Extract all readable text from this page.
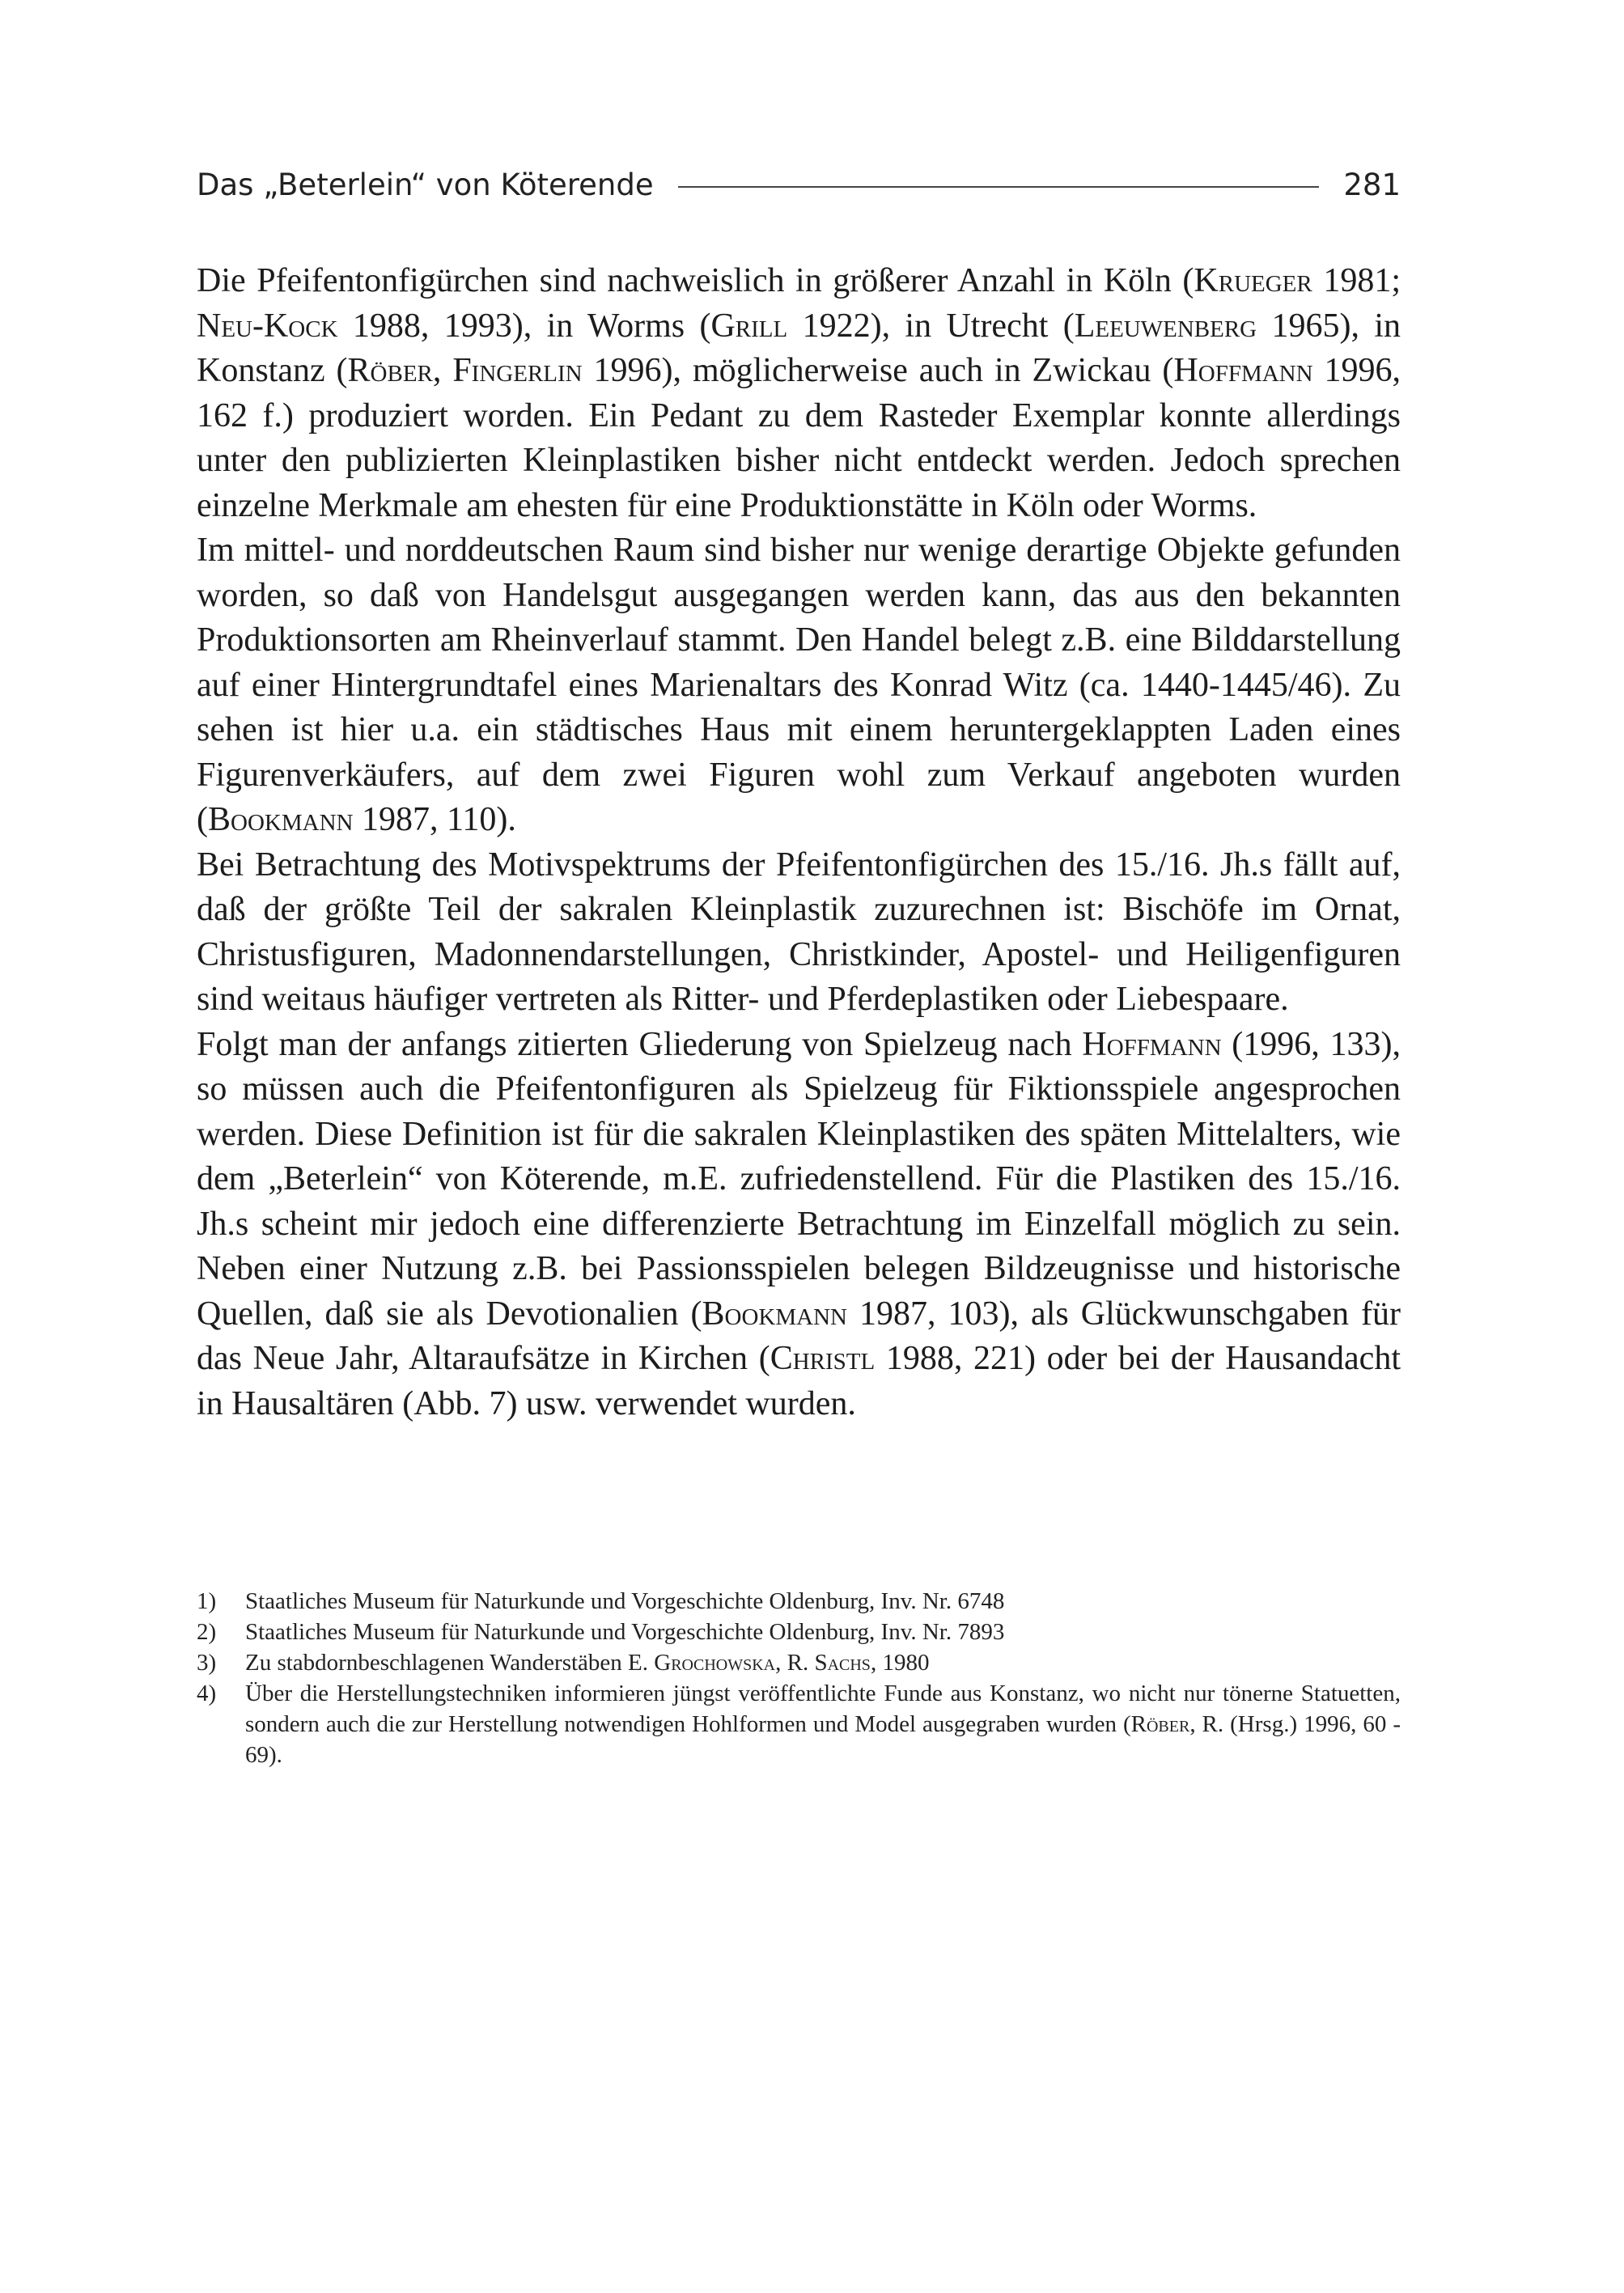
Das „Beterlein“ von Köterende	281

Die Pfeifentonfigürchen sind nachweislich in größerer Anzahl in Köln (Krueger 1981; Neu-Kock 1988, 1993), in Worms (Grill 1922), in Utrecht (Leeuwenberg 1965), in Konstanz (Röber, Fingerlin 1996), möglicherweise auch in Zwickau (Hoffmann 1996, 162 f.) produziert worden. Ein Pedant zu dem Rasteder Exemplar konnte allerdings unter den publizierten Kleinplastiken bisher nicht entdeckt werden. Jedoch sprechen einzelne Merkmale am ehesten für eine Produktionstätte in Köln oder Worms.

Im mittel- und norddeutschen Raum sind bisher nur wenige derartige Objekte gefunden worden, so daß von Handelsgut ausgegangen werden kann, das aus den bekannten Produktionsorten am Rheinverlauf stammt. Den Handel belegt z.B. eine Bilddarstellung auf einer Hintergrundtafel eines Marienaltars des Konrad Witz (ca. 1440-1445/46). Zu sehen ist hier u.a. ein städtisches Haus mit einem heruntergeklappten Laden eines Figurenverkäufers, auf dem zwei Figuren wohl zum Verkauf angeboten wurden (Bookmann 1987, 110).

Bei Betrachtung des Motivspektrums der Pfeifentonfigürchen des 15./16. Jh.s fällt auf, daß der größte Teil der sakralen Kleinplastik zuzurechnen ist: Bischöfe im Ornat, Christusfiguren, Madonnendarstellungen, Christkinder, Apostel- und Heiligenfiguren sind weitaus häufiger vertreten als Ritter- und Pferdeplastiken oder Liebespaare.

Folgt man der anfangs zitierten Gliederung von Spielzeug nach Hoffmann (1996, 133), so müssen auch die Pfeifentonfiguren als Spielzeug für Fiktionsspiele angesprochen werden. Diese Definition ist für die sakralen Kleinplastiken des späten Mittelalters, wie dem „Beterlein“ von Köterende, m.E. zufriedenstellend. Für die Plastiken des 15./16. Jh.s scheint mir jedoch eine differenzierte Betrachtung im Einzelfall möglich zu sein. Neben einer Nutzung z.B. bei Passionsspielen belegen Bildzeugnisse und historische Quellen, daß sie als Devotionalien (Bookmann 1987, 103), als Glückwunschgaben für das Neue Jahr, Altaraufsätze in Kirchen (Christl 1988, 221) oder bei der Hausandacht in Hausaltären (Abb. 7) usw. verwendet wurden.

1)	Staatliches Museum für Naturkunde und Vorgeschichte Oldenburg, Inv. Nr. 6748
2)	Staatliches Museum für Naturkunde und Vorgeschichte Oldenburg, Inv. Nr. 7893
3)	Zu stabdornbeschlagenen Wanderstäben E. Grochowska, R. Sachs, 1980
4)	Über die Herstellungstechniken informieren jüngst veröffentlichte Funde aus Konstanz, wo nicht nur tönerne Statuetten, sondern auch die zur Herstellung notwendigen Hohlformen und Model ausgegraben wurden (Röber, R. (Hrsg.) 1996, 60 - 69).
